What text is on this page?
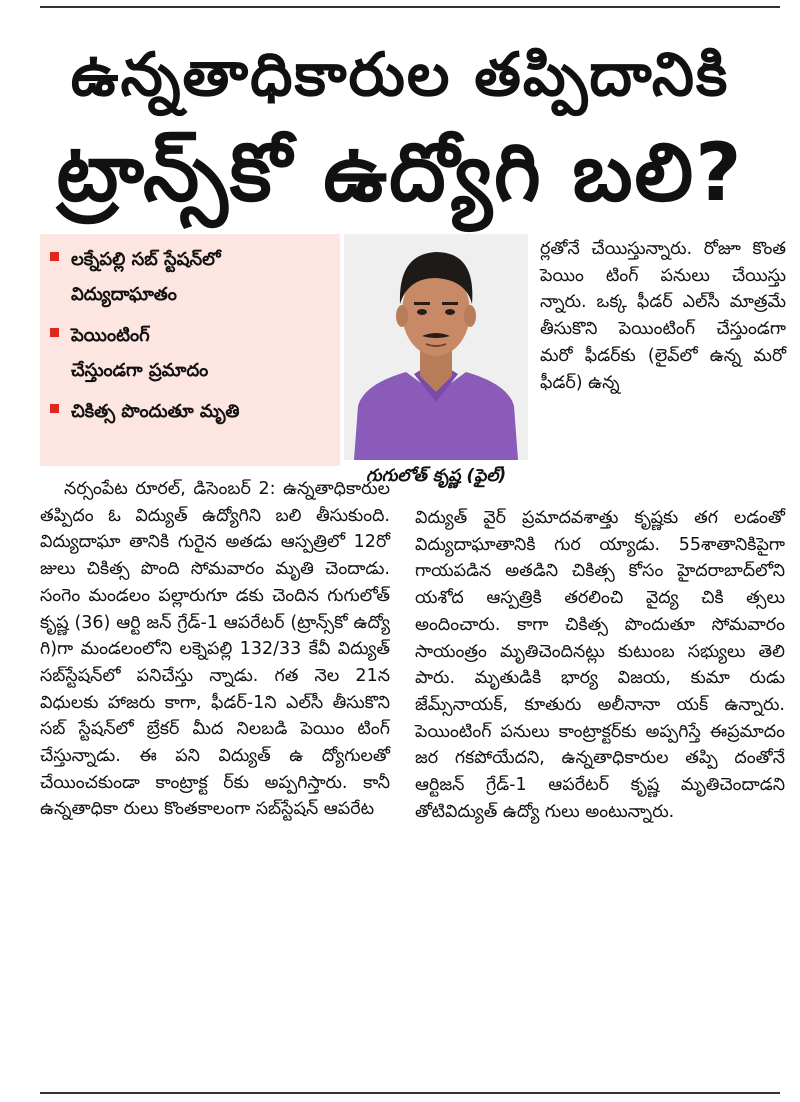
ఉన్నతాధికారుల తప్పిదానికి
ట్రాన్స్‌కో ఉద్యోగి బలి?
లక్నేపల్లి సబ్ స్టేషన్‌లో
విద్యుదాఘాతం
పెయింటింగ్
చేస్తుండగా ప్రమాదం
చికిత్స పొందుతూ మృతి
గుగులోత్ కృష్ణ (ఫైల్)

ర్లతోనే చేయిస్తున్నారు. రోజూ కొంత పెయిం టింగ్ పనులు చేయిస్తు న్నారు. ఒక్క ఫీడర్ ఎల్‌సీ మాత్రమే తీసుకొని పెయింటింగ్ చేస్తుండగా మరో ఫీడర్‌కు (లైవ్‌లో ఉన్న మరో ఫీడర్) ఉన్న

నర్సంపేట రూరల్, డిసెంబర్ 2: ఉన్నతాధికారుల తప్పిదం ఓ విద్యుత్ ఉద్యోగిని బలి తీసుకుంది. విద్యుదాఘా తానికి గురైన అతడు ఆస్పత్రిలో 12రో జులు చికిత్స పొంది సోమవారం మృతి చెందాడు. సంగెం మండలం పల్లారుగూ డకు చెందిన గుగులోత్ కృష్ణ (36) ఆర్టి జన్ గ్రేడ్-1 ఆపరేటర్ (ట్రాన్స్‌కో ఉద్యో గి)గా మండలంలోని లక్నెపల్లి 132/33 కేవీ విద్యుత్ సబ్‌స్టేషన్‌లో పనిచేస్తు న్నాడు. గత నెల 21న విధులకు హాజరు కాగా, ఫీడర్-1ని ఎల్‌సీ తీసుకొని సబ్ స్టేషన్‌లో బ్రేకర్ మీద నిలబడి పెయిం టింగ్ చేస్తున్నాడు. ఈ పని విద్యుత్ ఉ ద్యోగులతో చేయించకుండా కాంట్రాక్ట ర్‌కు అప్పగిస్తారు. కానీ ఉన్నతాధికా రులు కొంతకాలంగా సబ్‌స్టేషన్ ఆపరేట

విద్యుత్ వైర్ ప్రమాదవశాత్తు కృష్ణకు తగ లడంతో విద్యుదాఘాతానికి గుర య్యాడు. 55శాతానికిపైగా గాయపడిన అతడిని చికిత్స కోసం హైదరాబాద్‌లోని యశోద ఆస్పత్రికి తరలించి వైద్య చికి త్సలు అందించారు. కాగా చికిత్స పొందుతూ సోమవారం సాయంత్రం మృతిచెందినట్లు కుటుంబ సభ్యులు తెలి పారు. మృతుడికి భార్య విజయ, కుమా రుడు జేమ్స్‌నాయక్, కూతురు అలీనానా యక్ ఉన్నారు. పెయింటింగ్ పనులు కాంట్రాక్టర్‌కు అప్పగిస్తే ఈప్రమాదం జర గకపోయేదని, ఉన్నతాధికారుల తప్పి దంతోనే ఆర్టిజన్ గ్రేడ్-1 ఆపరేటర్ కృష్ణ మృతిచెందాడని తోటివిద్యుత్ ఉద్యో గులు అంటున్నారు.
